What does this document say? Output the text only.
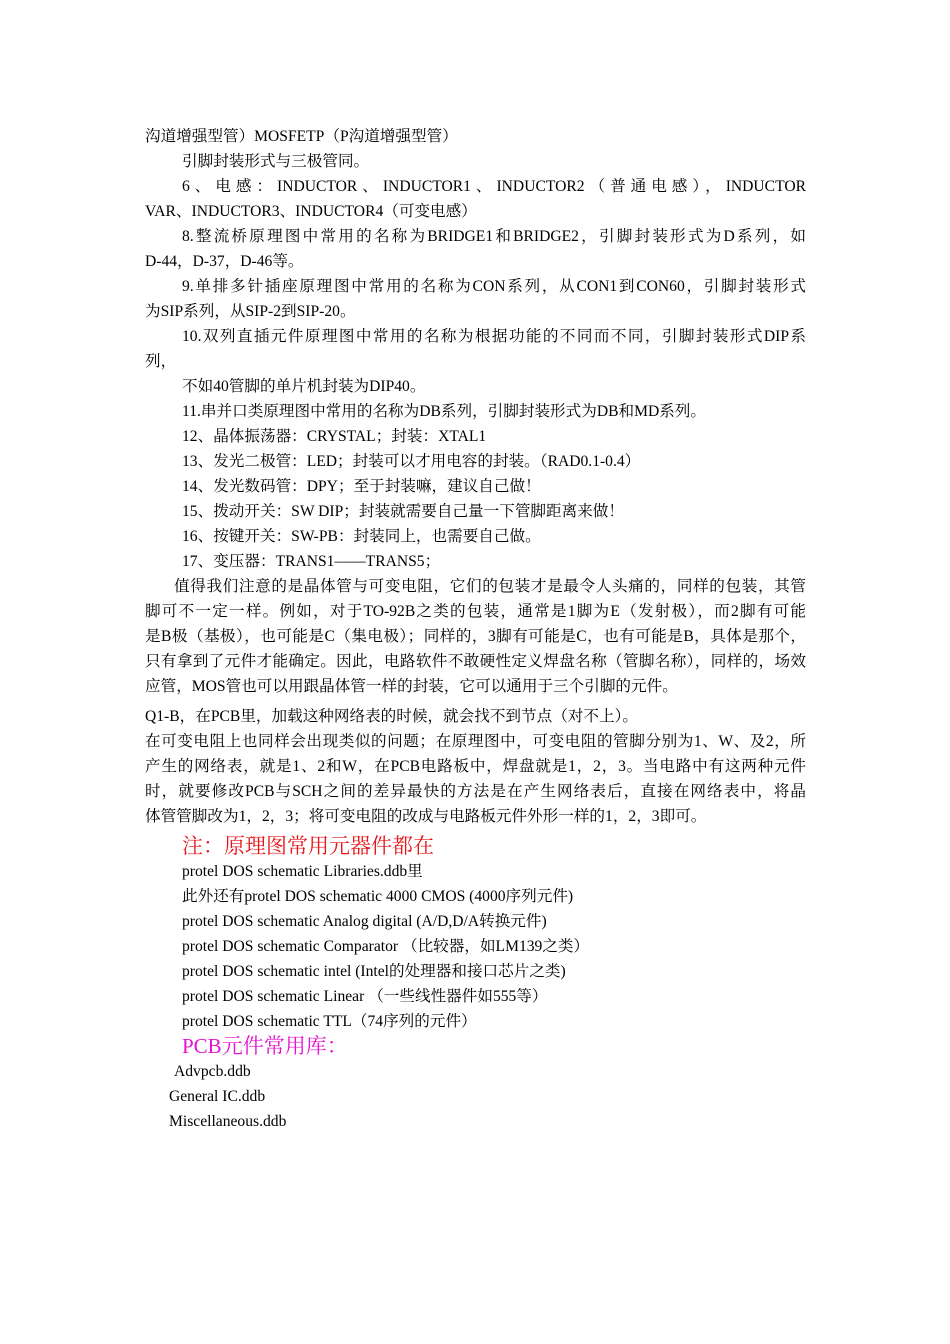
沟道增强型管）MOSFETP（P沟道增强型管）
引脚封装形式与三极管同。
6、电感：INDUCTOR、INDUCTOR1、INDUCTOR2（普通电感），INDUCTOR
VAR、INDUCTOR3、INDUCTOR4（可变电感）
8.整流桥原理图中常用的名称为BRIDGE1和BRIDGE2，引脚封装形式为D系列，如
D-44，D-37，D-46等。
9.单排多针插座原理图中常用的名称为CON系列，从CON1到CON60，引脚封装形式
为SIP系列，从SIP-2到SIP-20。
10.双列直插元件原理图中常用的名称为根据功能的不同而不同，引脚封装形式DIP系
列，
不如40管脚的单片机封装为DIP40。
11.串并口类原理图中常用的名称为DB系列，引脚封装形式为DB和MD系列。
12、晶体振荡器：CRYSTAL；封装：XTAL1
13、发光二极管：LED；封装可以才用电容的封装。（RAD0.1-0.4）
14、发光数码管：DPY；至于封装嘛，建议自己做！
15、拨动开关：SW DIP；封装就需要自己量一下管脚距离来做！
16、按键开关：SW-PB：封装同上，也需要自己做。
17、变压器：TRANS1——TRANS5；
值得我们注意的是晶体管与可变电阻，它们的包装才是最令人头痛的，同样的包装，其管
脚可不一定一样。例如，对于TO-92B之类的包装，通常是1脚为E（发射极），而2脚有可能
是B极（基极），也可能是C（集电极）；同样的，3脚有可能是C，也有可能是B，具体是那个，
只有拿到了元件才能确定。因此，电路软件不敢硬性定义焊盘名称（管脚名称），同样的，场效
应管，MOS管也可以用跟晶体管一样的封装，它可以通用于三个引脚的元件。
Q1-B，在PCB里，加载这种网络表的时候，就会找不到节点（对不上）。
在可变电阻上也同样会出现类似的问题；在原理图中，可变电阻的管脚分别为1、W、及2，所
产生的网络表，就是1、2和W，在PCB电路板中，焊盘就是1，2，3。当电路中有这两种元件
时，就要修改PCB与SCH之间的差异最快的方法是在产生网络表后，直接在网络表中，将晶
体管管脚改为1，2，3；将可变电阻的改成与电路板元件外形一样的1，2，3即可。
注：原理图常用元器件都在
protel DOS schematic Libraries.ddb里
此外还有protel DOS schematic 4000 CMOS (4000序列元件)
protel DOS schematic Analog digital (A/D,D/A转换元件)
protel DOS schematic Comparator （比较器，如LM139之类）
protel DOS schematic intel (Intel的处理器和接口芯片之类)
protel DOS schematic Linear （一些线性器件如555等）
protel DOS schematic TTL（74序列的元件）
PCB元件常用库：
Advpcb.ddb
General IC.ddb
Miscellaneous.ddb
